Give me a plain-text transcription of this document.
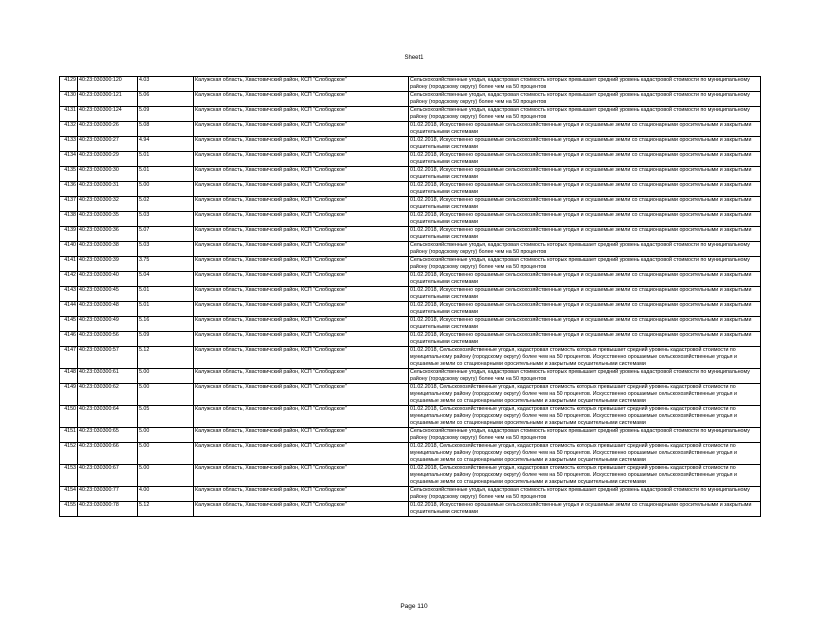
Sheet1
4129	40:23:030300:120	4.03	Калужская область, Хвастовичский район, КСП "Слободское"	Сельскохозяйственные угодья, кадастровая стоимость которых превышает средний уровень кадастровой стоимости по муниципальному району (городскому округу) более чем на 50 процентов
4130	40:23:030300:121	5.06	Калужская область, Хвастовичский район, КСП "Слободское"	Сельскохозяйственные угодья, кадастровая стоимость которых превышает средний уровень кадастровой стоимости по муниципальному району (городскому округу) более чем на 50 процентов
4131	40:23:030300:124	5.09	Калужская область, Хвастовичский район, КСП "Слободское"	Сельскохозяйственные угодья, кадастровая стоимость которых превышает средний уровень кадастровой стоимости по муниципальному району (городскому округу) более чем на 50 процентов
4132	40:23:030300:26	5.08	Калужская область, Хвастовичский район, КСП "Слободское"	01.02.2018, Искусственно орошаемые сельскохозяйственные угодья и осушаемые земли со стационарными оросительными и закрытыми осушительными системами
4133	40:23:030300:27	4.94	Калужская область, Хвастовичский район, КСП "Слободское"	01.02.2018, Искусственно орошаемые сельскохозяйственные угодья и осушаемые земли со стационарными оросительными и закрытыми осушительными системами
4134	40:23:030300:29	5.01	Калужская область, Хвастовичский район, КСП "Слободское"	01.02.2018, Искусственно орошаемые сельскохозяйственные угодья и осушаемые земли со стационарными оросительными и закрытыми осушительными системами
4135	40:23:030300:30	5.01	Калужская область, Хвастовичский район, КСП "Слободское"	01.02.2018, Искусственно орошаемые сельскохозяйственные угодья и осушаемые земли со стационарными оросительными и закрытыми осушительными системами
4136	40:23:030300:31	5.00	Калужская область, Хвастовичский район, КСП "Слободское"	01.02.2018, Искусственно орошаемые сельскохозяйственные угодья и осушаемые земли со стационарными оросительными и закрытыми осушительными системами
4137	40:23:030300:32	5.02	Калужская область, Хвастовичский район, КСП "Слободское"	01.02.2018, Искусственно орошаемые сельскохозяйственные угодья и осушаемые земли со стационарными оросительными и закрытыми осушительными системами
4138	40:23:030300:35	5.03	Калужская область, Хвастовичский район, КСП "Слободское"	01.02.2018, Искусственно орошаемые сельскохозяйственные угодья и осушаемые земли со стационарными оросительными и закрытыми осушительными системами
4139	40:23:030300:36	5.07	Калужская область, Хвастовичский район, КСП "Слободское"	01.02.2018, Искусственно орошаемые сельскохозяйственные угодья и осушаемые земли со стационарными оросительными и закрытыми осушительными системами
4140	40:23:030300:38	5.03	Калужская область, Хвастовичский район, КСП "Слободское"	Сельскохозяйственные угодья, кадастровая стоимость которых превышает средний уровень кадастровой стоимости по муниципальному району (городскому округу) более чем на 50 процентов
4141	40:23:030300:39	3.75	Калужская область, Хвастовичский район, КСП "Слободское"	Сельскохозяйственные угодья, кадастровая стоимость которых превышает средний уровень кадастровой стоимости по муниципальному району (городскому округу) более чем на 50 процентов
4142	40:23:030300:40	5.04	Калужская область, Хвастовичский район, КСП "Слободское"	01.02.2018, Искусственно орошаемые сельскохозяйственные угодья и осушаемые земли со стационарными оросительными и закрытыми осушительными системами
4143	40:23:030300:45	5.01	Калужская область, Хвастовичский район, КСП "Слободское"	01.02.2018, Искусственно орошаемые сельскохозяйственные угодья и осушаемые земли со стационарными оросительными и закрытыми осушительными системами
4144	40:23:030300:48	5.01	Калужская область, Хвастовичский район, КСП "Слободское"	01.02.2018, Искусственно орошаемые сельскохозяйственные угодья и осушаемые земли со стационарными оросительными и закрытыми осушительными системами
4145	40:23:030300:49	5.16	Калужская область, Хвастовичский район, КСП "Слободское"	01.02.2018, Искусственно орошаемые сельскохозяйственные угодья и осушаемые земли со стационарными оросительными и закрытыми осушительными системами
4146	40:23:030300:56	5.09	Калужская область, Хвастовичский район, КСП "Слободское"	01.02.2018, Искусственно орошаемые сельскохозяйственные угодья и осушаемые земли со стационарными оросительными и закрытыми осушительными системами
4147	40:23:030300:57	5.12	Калужская область, Хвастовичский район, КСП "Слободское"	01.02.2018, Сельскохозяйственные угодья, кадастровая стоимость которых превышает средний уровень кадастровой стоимости по муниципальному району (городскому округу) более чем на 50 процентов. Искусственно орошаемые сельскохозяйственные угодья и осушаемые земли со стационарными оросительными и закрытыми осушительными системами
4148	40:23:030300:61	5.00	Калужская область, Хвастовичский район, КСП "Слободское"	Сельскохозяйственные угодья, кадастровая стоимость которых превышает средний уровень кадастровой стоимости по муниципальному району (городскому округу) более чем на 50 процентов
4149	40:23:030300:62	5.00	Калужская область, Хвастовичский район, КСП "Слободское"	01.02.2018, Сельскохозяйственные угодья, кадастровая стоимость которых превышает средний уровень кадастровой стоимости по муниципальному району (городскому округу) более чем на 50 процентов. Искусственно орошаемые сельскохозяйственные угодья и осушаемые земли со стационарными оросительными и закрытыми осушительными системами
4150	40:23:030300:64	5.05	Калужская область, Хвастовичский район, КСП "Слободское"	01.02.2018, Сельскохозяйственные угодья, кадастровая стоимость которых превышает средний уровень кадастровой стоимости по муниципальному району (городскому округу) более чем на 50 процентов. Искусственно орошаемые сельскохозяйственные угодья и осушаемые земли со стационарными оросительными и закрытыми осушительными системами
4151	40:23:030300:65	5.00	Калужская область, Хвастовичский район, КСП "Слободское"	Сельскохозяйственные угодья, кадастровая стоимость которых превышает средний уровень кадастровой стоимости по муниципальному району (городскому округу) более чем на 50 процентов
4152	40:23:030300:66	5.00	Калужская область, Хвастовичский район, КСП "Слободское"	01.02.2018, Сельскохозяйственные угодья, кадастровая стоимость которых превышает средний уровень кадастровой стоимости по муниципальному району (городскому округу) более чем на 50 процентов. Искусственно орошаемые сельскохозяйственные угодья и осушаемые земли со стационарными оросительными и закрытыми осушительными системами
4153	40:23:030300:67	5.00	Калужская область, Хвастовичский район, КСП "Слободское"	01.02.2018, Сельскохозяйственные угодья, кадастровая стоимость которых превышает средний уровень кадастровой стоимости по муниципальному району (городскому округу) более чем на 50 процентов. Искусственно орошаемые сельскохозяйственные угодья и осушаемые земли со стационарными оросительными и закрытыми осушительными системами
4154	40:23:030300:77	4.00	Калужская область, Хвастовичский район, КСП "Слободское"	Сельскохозяйственные угодья, кадастровая стоимость которых превышает средний уровень кадастровой стоимости по муниципальному району (городскому округу) более чем на 50 процентов
4155	40:23:030300:78	5.12	Калужская область, Хвастовичский район, КСП "Слободское"	01.02.2018, Искусственно орошаемые сельскохозяйственные угодья и осушаемые земли со стационарными оросительными и закрытыми осушительными системами
Page 110
